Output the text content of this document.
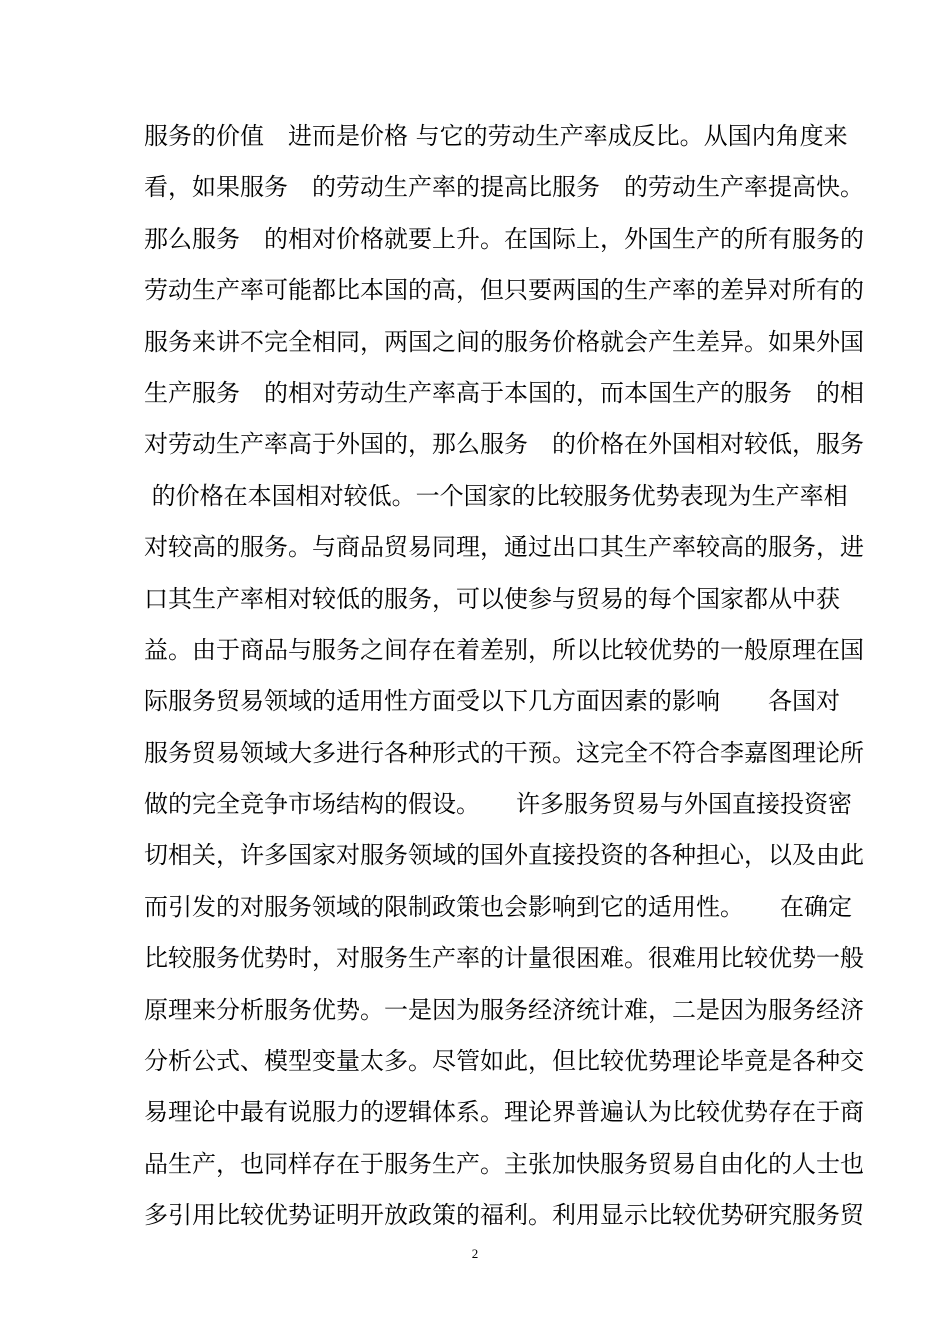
服务的价值　进而是价格 与它的劳动生产率成反比。从国内角度来
看，如果服务　的劳动生产率的提高比服务　的劳动生产率提高快。
那么服务　的相对价格就要上升。在国际上，外国生产的所有服务的
劳动生产率可能都比本国的高，但只要两国的生产率的差异对所有的
服务来讲不完全相同，两国之间的服务价格就会产生差异。如果外国
生产服务　的相对劳动生产率高于本国的，而本国生产的服务　的相
对劳动生产率高于外国的，那么服务　的价格在外国相对较低，服务
的价格在本国相对较低。一个国家的比较服务优势表现为生产率相
对较高的服务。与商品贸易同理，通过出口其生产率较高的服务，进
口其生产率相对较低的服务，可以使参与贸易的每个国家都从中获
益。由于商品与服务之间存在着差别，所以比较优势的一般原理在国
际服务贸易领域的适用性方面受以下几方面因素的影响　　各国对
服务贸易领域大多进行各种形式的干预。这完全不符合李嘉图理论所
做的完全竞争市场结构的假设。　　许多服务贸易与外国直接投资密
切相关，许多国家对服务领域的国外直接投资的各种担心，以及由此
而引发的对服务领域的限制政策也会影响到它的适用性。　　在确定
比较服务优势时，对服务生产率的计量很困难。很难用比较优势一般
原理来分析服务优势。一是因为服务经济统计难，二是因为服务经济
分析公式、模型变量太多。尽管如此，但比较优势理论毕竟是各种交
易理论中最有说服力的逻辑体系。理论界普遍认为比较优势存在于商
品生产，也同样存在于服务生产。主张加快服务贸易自由化的人士也
多引用比较优势证明开放政策的福利。利用显示比较优势研究服务贸
2
